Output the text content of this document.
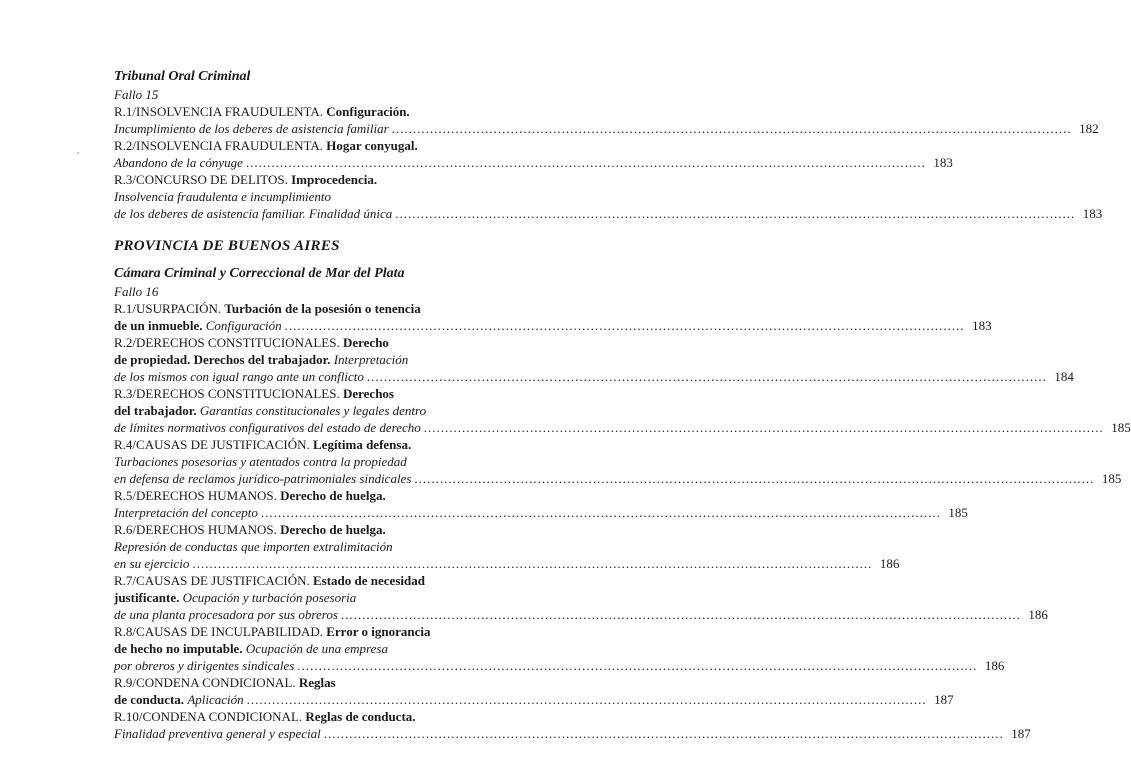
Tribunal Oral Criminal
Fallo 15
R.1/INSOLVENCIA FRAUDULENTA. Configuración.
Incumplimiento de los deberes de asistencia familiar ................................................................................................................................................................ 182
R.2/INSOLVENCIA FRAUDULENTA. Hogar conyugal.
Abandono de la cónyuge ................................................................................................................................................................ 183
R.3/CONCURSO DE DELITOS. Improcedencia.
Insolvencia fraudulenta e incumplimiento
de los deberes de asistencia familiar. Finalidad única ................................................................................................................................................................ 183
PROVINCIA DE BUENOS AIRES
Cámara Criminal y Correccional de Mar del Plata
Fallo 16
R.1/USURPACIÓN. Turbación de la posesión o tenencia
de un inmueble. Configuración ................................................................................................................................................................ 183
R.2/DERECHOS CONSTITUCIONALES. Derecho
de propiedad. Derechos del trabajador. Interpretación
de los mismos con igual rango ante un conflicto ................................................................................................................................................................ 184
R.3/DERECHOS CONSTITUCIONALES. Derechos
del trabajador. Garantías constitucionales y legales dentro
de límites normativos configurativos del estado de derecho ................................................................................................................................................................ 185
R.4/CAUSAS DE JUSTIFICACIÓN. Legítima defensa.
Turbaciones posesorias y atentados contra la propiedad
en defensa de reclamos jurídico-patrimoniales sindicales ................................................................................................................................................................ 185
R.5/DERECHOS HUMANOS. Derecho de huelga.
Interpretación del concepto ................................................................................................................................................................ 185
R.6/DERECHOS HUMANOS. Derecho de huelga.
Represión de conductas que importen extralimitación
en su ejercicio ................................................................................................................................................................ 186
R.7/CAUSAS DE JUSTIFICACIÓN. Estado de necesidad
justificante. Ocupación y turbación posesoria
de una planta procesadora por sus obreros ................................................................................................................................................................ 186
R.8/CAUSAS DE INCULPABILIDAD. Error o ignorancia
de hecho no imputable. Ocupación de una empresa
por obreros y dirigentes sindicales ................................................................................................................................................................ 186
R.9/CONDENA CONDICIONAL. Reglas
de conducta. Aplicación ................................................................................................................................................................ 187
R.10/CONDENA CONDICIONAL. Reglas de conducta.
Finalidad preventiva general y especial ................................................................................................................................................................ 187
